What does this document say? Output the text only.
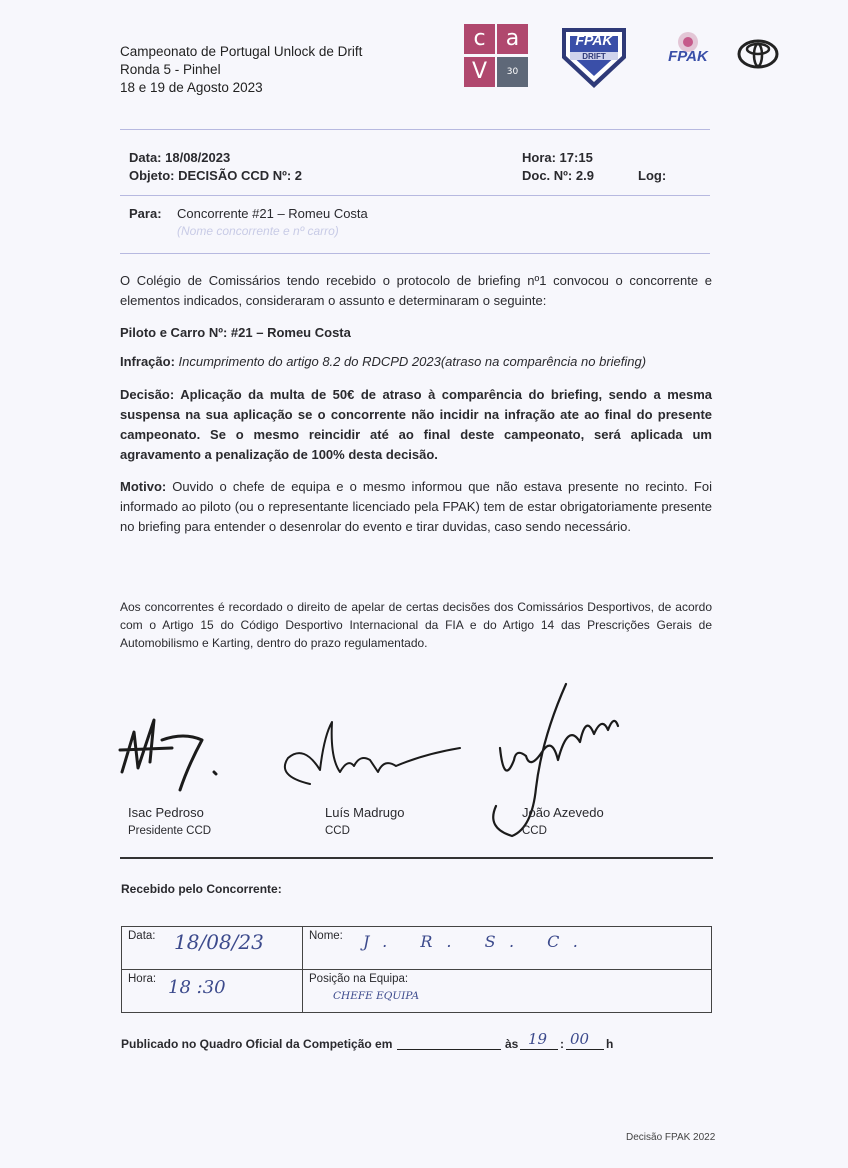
Campeonato de Portugal Unlock de Drift
Ronda 5 - Pinhel
18 e 19 de Agosto 2023
c a
V	30
FPAK
DRIFT	FPAK
Data: 18/08/2023
Objeto: DECISÃO CCD Nº: 2
Hora: 17:15
Doc. Nº: 2.9	Log:
Para: Concorrente #21 – Romeu Costa
(Nome concorrente e nº carro)
O Colégio de Comissários tendo recebido o protocolo de briefing nº1 convocou o concorrente e elementos indicados, consideraram o assunto e determinaram o seguinte:
Piloto e Carro Nº: #21 – Romeu Costa
Infração: Incumprimento do artigo 8.2 do RDCPD 2023(atraso na comparência no briefing)
Decisão: Aplicação da multa de 50€ de atraso à comparência do briefing, sendo a mesma suspensa na sua aplicação se o concorrente não incidir na infração ate ao final do presente campeonato. Se o mesmo reincidir até ao final deste campeonato, será aplicada um agravamento a penalização de 100% desta decisão.
Motivo: Ouvido o chefe de equipa e o mesmo informou que não estava presente no recinto. Foi informado ao piloto (ou o representante licenciado pela FPAK) tem de estar obrigatoriamente presente no briefing para entender o desenrolar do evento e tirar duvidas, caso sendo necessário.
Aos concorrentes é recordado o direito de apelar de certas decisões dos Comissários Desportivos, de acordo com o Artigo 15 do Código Desportivo Internacional da FIA e do Artigo 14 das Prescrições Gerais de Automobilismo e Karting, dentro do prazo regulamentado.
Isac Pedroso
Presidente CCD
Luís Madrugo
CCD
João Azevedo
CCD
Recebido pelo Concorrente:
Data: 18/08/23	Nome: J. R. S. C.

Hora: 18 :30	Posição na Equipa:
CHEFE EQUIPA
Publicado no Quadro Oficial da Competição em	às 19 : 00 h
Decisão FPAK 2022
